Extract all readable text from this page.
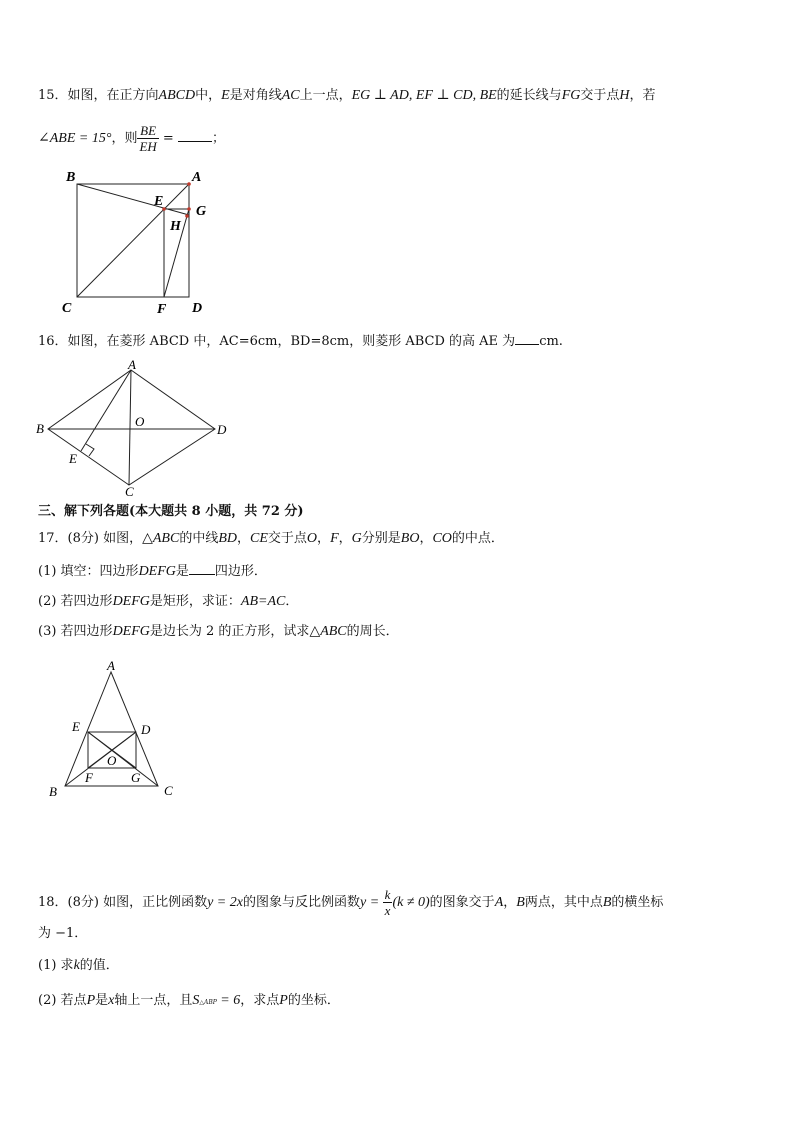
15．如图，在正方向ABCD中，E是对角线AC上一点，EG ⊥ AD, EF ⊥ CD, BE的延长线与FG交于点H，若
∠ABE = 15°，则 $\frac{BE}{EH}$ =	；
B	A
E
G
H
C	F D
16．如图，在菱形 ABCD 中，AC=6cm，BD=8cm，则菱形 ABCD 的高 AE 为 cm.
A
B	O
D
E
C
三、解下列各题(本大题共 8 小题，共 72 分)
17．(8分) 如图，△ABC的中线BD，CE交于点O，F，G分别是BO，CO的中点．
(1) 填空：四边形DEFG是 四边形．
(2) 若四边形DEFG是矩形，求证：AB=AC．
(3) 若四边形DEFG是边长为 2 的正方形，试求△ABC的周长．
A
E	D
O
F	G
B	C
18．(8分) 如图，正比例函数y = 2x的图象与反比例函数$y = \frac{k}{x} (k \ne 0)$的图象交于A，B两点，其中点B的横坐标
为 −1．
(1) 求k的值．
(2) 若点P是x轴上一点，且S△ABP = 6，求点P的坐标．
